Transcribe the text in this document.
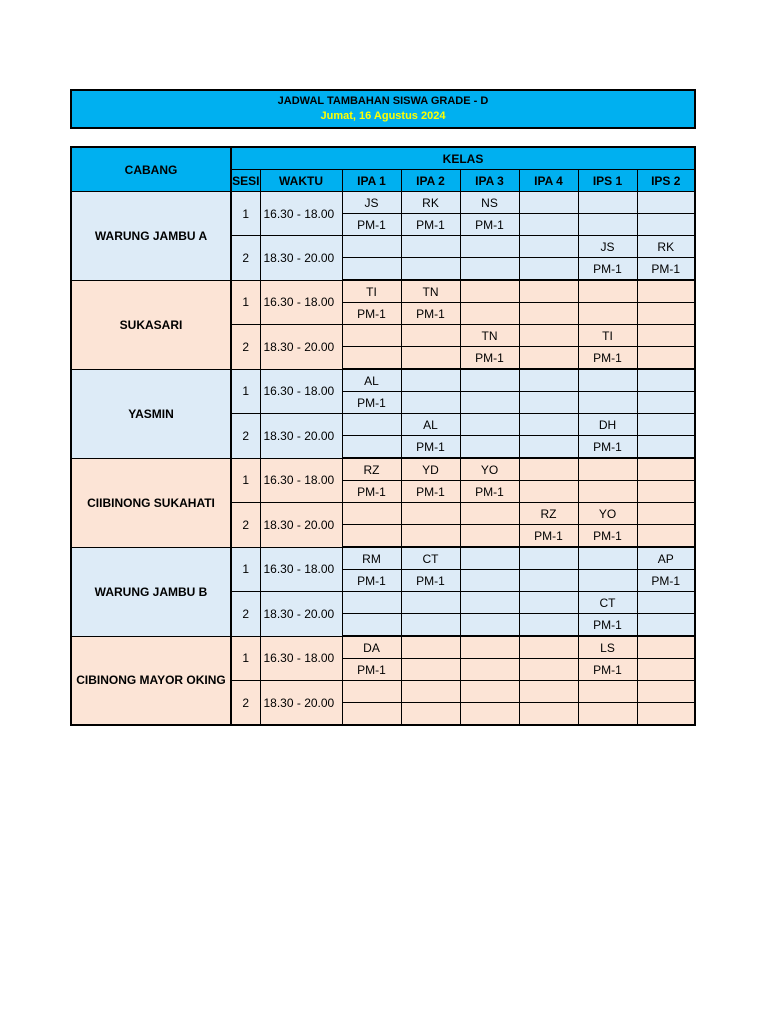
JADWAL TAMBAHAN SISWA GRADE - D
Jumat, 16 Agustus 2024
CABANG	KELAS							
	SESI	WAKTU	IPA 1	IPA 2	IPA 3	IPA 4	IPS 1	IPS 2
WARUNG JAMBU A	1	16.30 - 18.00	JS	RK	NS			
			PM-1	PM-1	PM-1			
	2	18.30 - 20.00					JS	RK
							PM-1	PM-1
SUKASARI	1	16.30 - 18.00	TI	TN				
			PM-1	PM-1				
	2	18.30 - 20.00			TN		TI	
					PM-1		PM-1	
YASMIN	1	16.30 - 18.00	AL					
			PM-1					
	2	18.30 - 20.00		AL			DH	
				PM-1			PM-1	
CIIBINONG SUKAHATI	1	16.30 - 18.00	RZ	YD	YO			
			PM-1	PM-1	PM-1			
	2	18.30 - 20.00				RZ	YO	
						PM-1	PM-1	
WARUNG JAMBU B	1	16.30 - 18.00	RM	CT				AP
			PM-1	PM-1				PM-1
	2	18.30 - 20.00					CT	
							PM-1	
CIBINONG MAYOR OKING	1	16.30 - 18.00	DA				LS	
			PM-1				PM-1	
	2	18.30 - 20.00						
